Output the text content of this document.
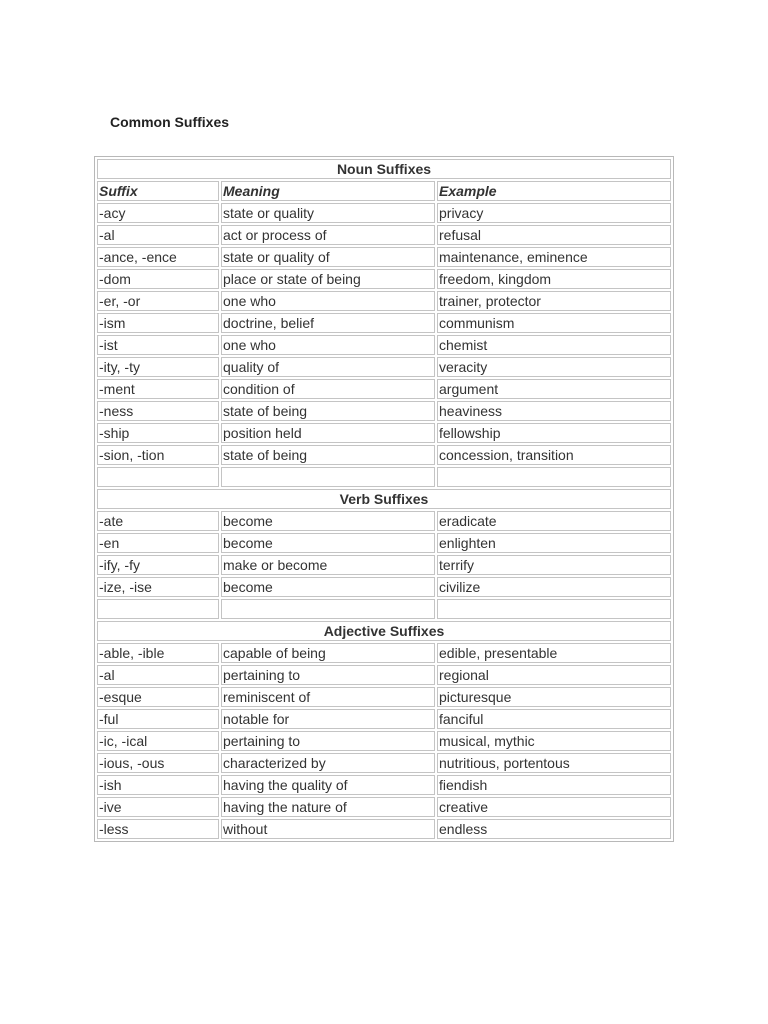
Common Suffixes
Noun Suffixes		
Suffix	Meaning	Example
-acy	state or quality	privacy
-al	act or process of	refusal
-ance, -ence	state or quality of	maintenance, eminence
-dom	place or state of being	freedom, kingdom
-er, -or	one who	trainer, protector
-ism	doctrine, belief	communism
-ist	one who	chemist
-ity, -ty	quality of	veracity
-ment	condition of	argument
-ness	state of being	heaviness
-ship	position held	fellowship
-sion, -tion	state of being	concession, transition

Verb Suffixes		
-ate	become	eradicate
-en	become	enlighten
-ify, -fy	make or become	terrify
-ize, -ise	become	civilize

Adjective Suffixes		
-able, -ible	capable of being	edible, presentable
-al	pertaining to	regional
-esque	reminiscent of	picturesque
-ful	notable for	fanciful
-ic, -ical	pertaining to	musical, mythic
-ious, -ous	characterized by	nutritious, portentous
-ish	having the quality of	fiendish
-ive	having the nature of	creative
-less	without	endless
